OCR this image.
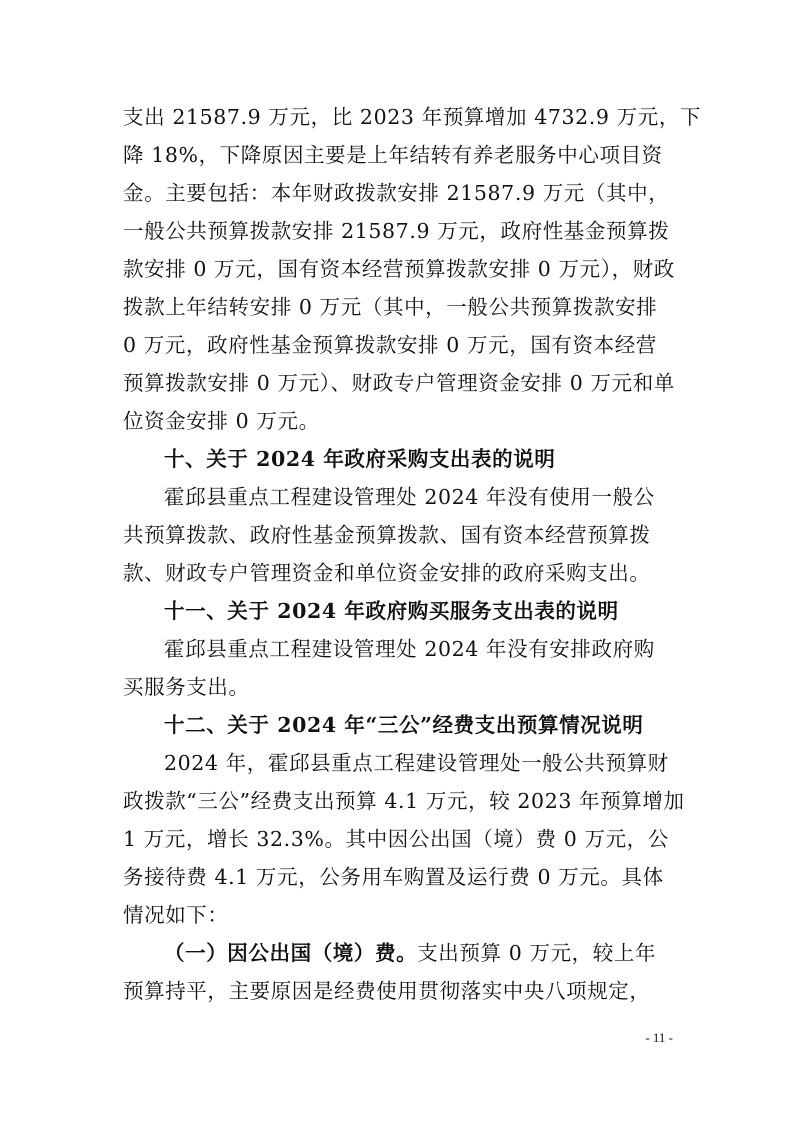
支出 21587.9 万元，比 2023 年预算增加 4732.9 万元，下
降 18%，下降原因主要是上年结转有养老服务中心项目资
金。主要包括：本年财政拨款安排 21587.9 万元（其中，
一般公共预算拨款安排 21587.9 万元，政府性基金预算拨
款安排 0 万元，国有资本经营预算拨款安排 0 万元），财政
拨款上年结转安排 0 万元（其中，一般公共预算拨款安排
0 万元，政府性基金预算拨款安排 0 万元，国有资本经营
预算拨款安排 0 万元）、财政专户管理资金安排 0 万元和单
位资金安排 0 万元。
十、关于 2024 年政府采购支出表的说明
霍邱县重点工程建设管理处 2024 年没有使用一般公
共预算拨款、政府性基金预算拨款、国有资本经营预算拨
款、财政专户管理资金和单位资金安排的政府采购支出。
十一、关于 2024 年政府购买服务支出表的说明
霍邱县重点工程建设管理处 2024 年没有安排政府购
买服务支出。
十二、关于 2024 年“三公”经费支出预算情况说明
2024 年，霍邱县重点工程建设管理处一般公共预算财
政拨款“三公”经费支出预算 4.1 万元，较 2023 年预算增加
1 万元，增长 32.3%。其中因公出国（境）费 0 万元，公
务接待费 4.1 万元，公务用车购置及运行费 0 万元。具体
情况如下：
（一）因公出国（境）费。支出预算 0 万元，较上年
预算持平，主要原因是经费使用贯彻落实中央八项规定，
- 11 -
